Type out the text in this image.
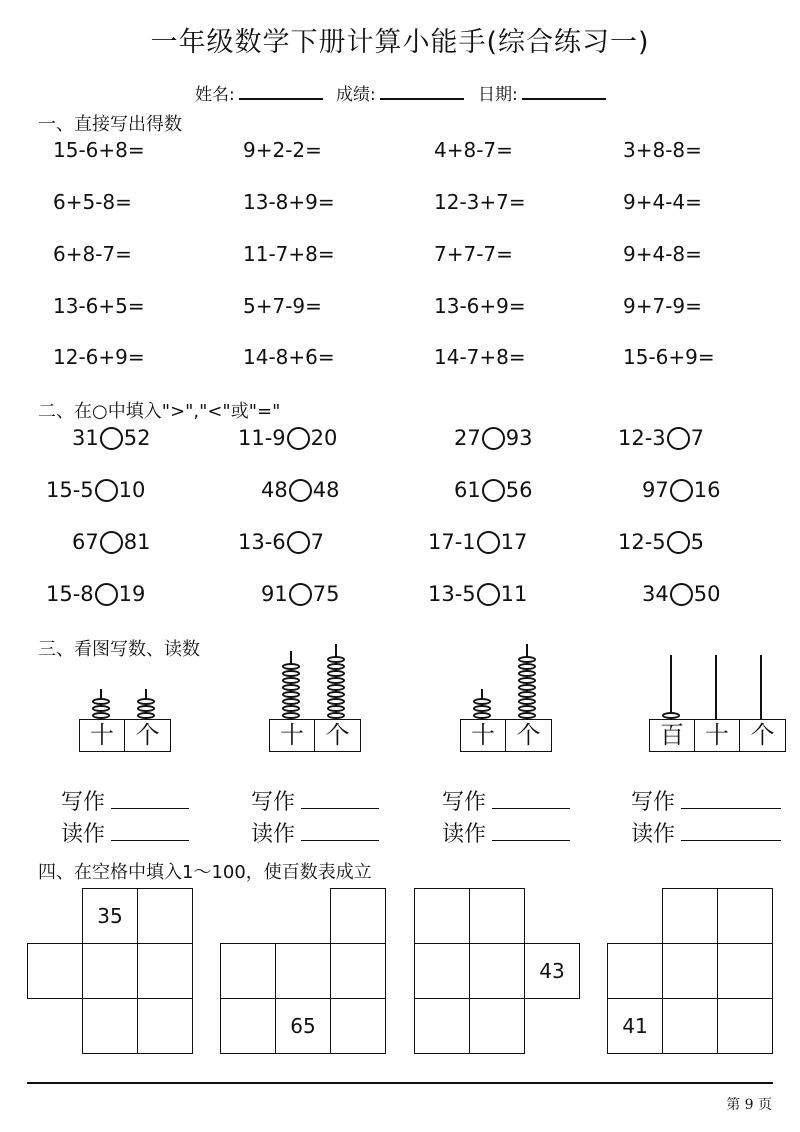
一年级数学下册计算小能手(综合练习一)
姓名:	成绩:	日期:
一、直接写出得数
15-6+8=	9+2-2=	4+8-7=	3+8-8=
6+5-8=	13-8+9=	12-3+7=	9+4-4=
6+8-7=	11-7+8=	7+7-7=	9+4-8=
13-6+5=	5+7-9=	13-6+9=	9+7-9=
12-6+9=	14-8+6=	14-7+8=	15-6+9=
二、在○中填入">","<"或"="
31 52	11-9 20	27 93	12-3 7
15-5 10	48 48	61 56	97 16
67 81	13-6 7	17-1 17	12-5 5
15-8 19	91 75	13-5 11	34 50
三、看图写数、读数
十 个
写作
读作
十 个
写作
读作
十 个
写作
读作
百 十 个
写作
读作
四、在空格中填入1～100，使百数表成立
35
65
43
41
第 9 页
